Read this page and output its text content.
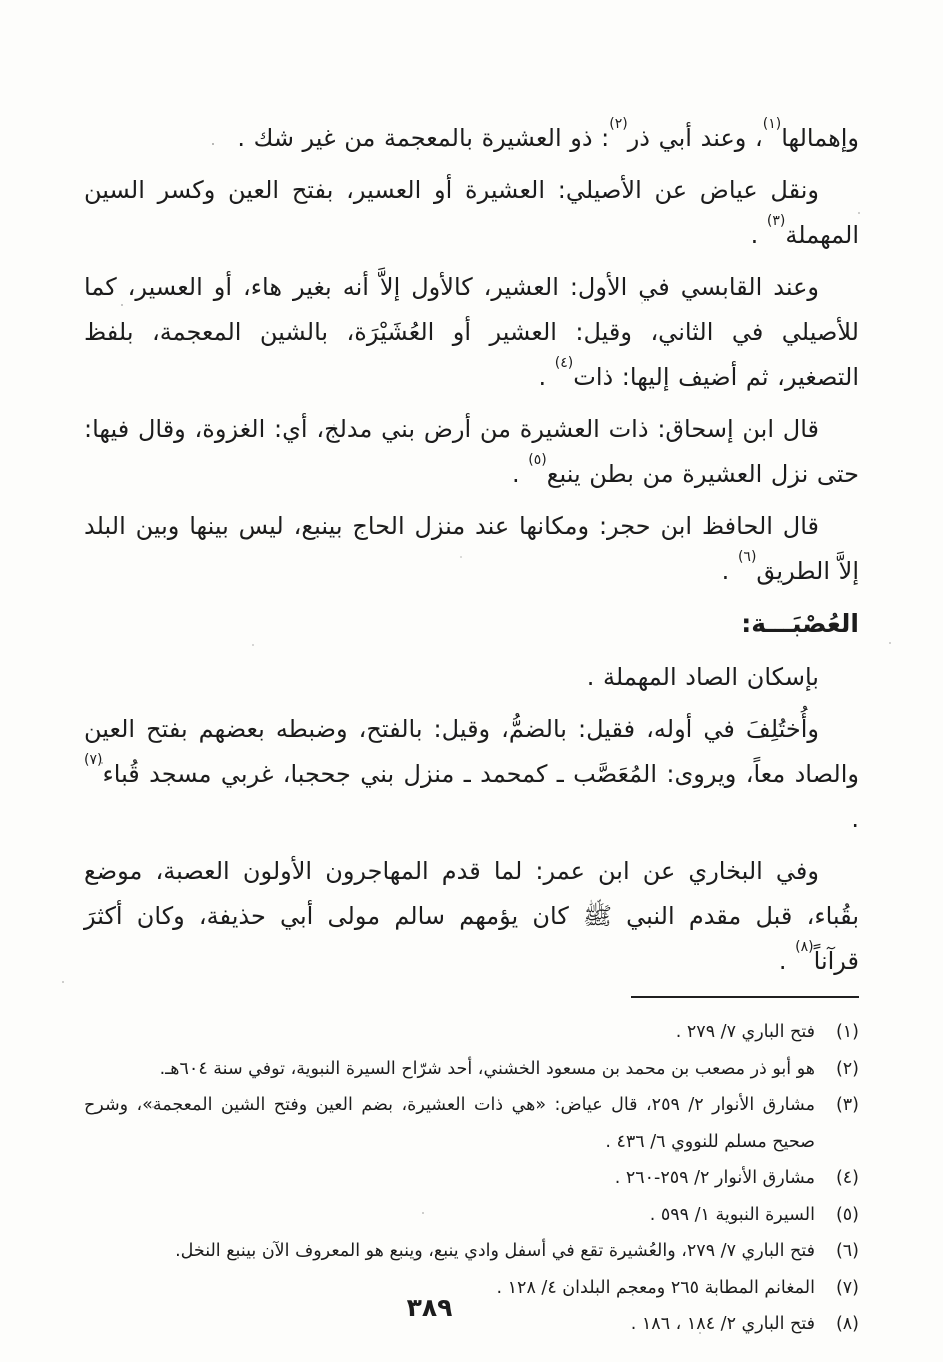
وإهمالها$^{(١)}$، وعند أبي ذر$^{(٢)}$: ذو العشيرة بالمعجمة من غير شك .

ونقل عياض عن الأصيلي: العشيرة أو العسير، بفتح العين وكسر السين المهملة$^{(٣)}$ .

وعند القابسي في الأول: العشير، كالأول إلاَّ أنه بغير هاء، أو العسير، كما للأصيلي في الثاني، وقيل: العشير أو العُشَيْرَة، بالشين المعجمة، بلفظ التصغير، ثم أضيف إليها: ذات$^{(٤)}$ .

قال ابن إسحاق: ذات العشيرة من أرض بني مدلج، أي: الغزوة، وقال فيها: حتى نزل العشيرة من بطن ينبع$^{(٥)}$ .

قال الحافظ ابن حجر: ومكانها عند منزل الحاج بينبع، ليس بينها وبين البلد إلاَّ الطريق$^{(٦)}$ .

العُصْبَـــة:

بإسكان الصاد المهملة .

وأُختُلِفَ في أوله، فقيل: بالضمُّ، وقيل: بالفتح، وضبطه بعضهم بفتح العين والصاد معاً، ويروى: المُعَصَّب ـ كمحمد ـ منزل بني جحجبا، غربي مسجد قُباء$^{(٧)}$ .

وفي البخاري عن ابن عمر: لما قدم المهاجرون الأولون العصبة، موضع بقُباء، قبل مقدم النبي ﷺ كان يؤمهم سالم مولى أبي حذيفة، وكان أكثرَ قرآناً$^{(٨)}$ .

(١)
فتح الباري ٧/ ٢٧٩ .
(٢)
هو أبو ذر مصعب بن محمد بن مسعود الخشني، أحد شرّاح السيرة النبوية، توفي سنة ٦٠٤هـ.
(٣)
مشارق الأنوار ٢/ ٢٥٩، قال عياض: «هي ذات العشيرة، بضم العين وفتح الشين المعجمة»، وشرح صحيح مسلم للنووي ٦/ ٤٣٦ .
(٤)
مشارق الأنوار ٢/ ٢٥٩-٢٦٠ .
(٥)
السيرة النبوية ١/ ٥٩٩ .
(٦)
فتح الباري ٧/ ٢٧٩، والعُشيرة تقع في أسفل وادي ينبع، وينبع هو المعروف الآن بينبع النخل.
(٧)
المغانم المطابة ٢٦٥ ومعجم البلدان ٤/ ١٢٨ .
(٨)
فتح الباري ٢/ ١٨٤ ، ١٨٦ .
٣٨٩
